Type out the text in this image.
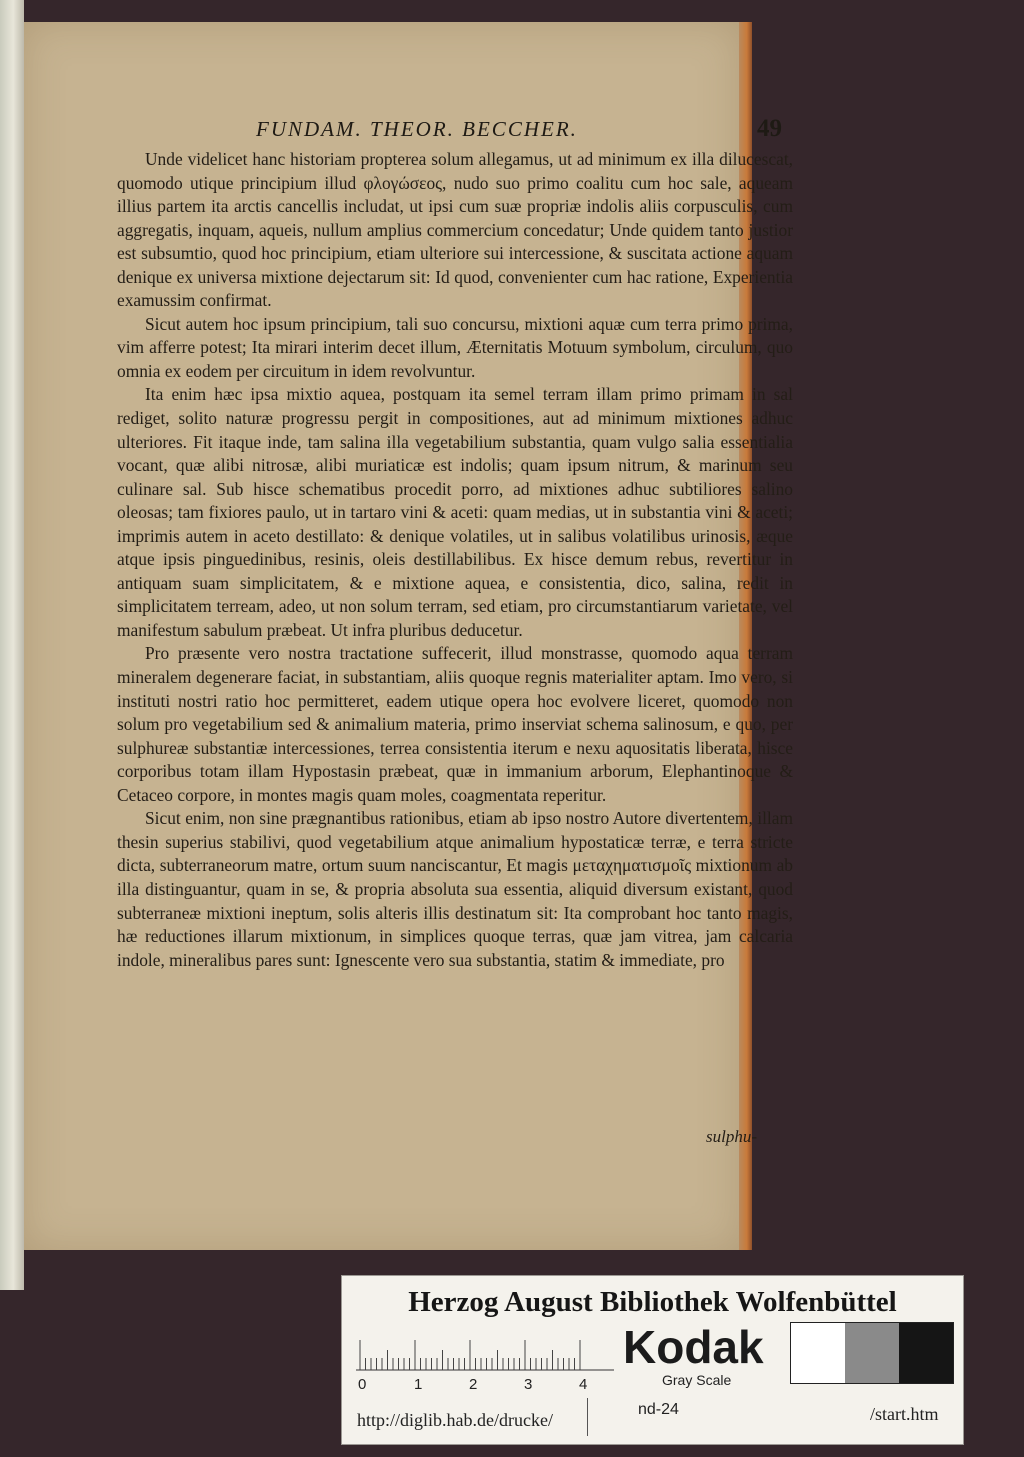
FUNDAM. THEOR. BECCHER.	49

Unde videlicet hanc historiam propterea solum allegamus, ut ad minimum ex illa dilucescat, quomodo utique principium illud φλογώσεος, nudo suo primo coalitu cum hoc sale, aqueam illius partem ita arctis cancellis includat, ut ipsi cum suæ propriæ indolis aliis corpusculis, cum aggregatis, inquam, aqueis, nullum amplius commercium concedatur; Unde quidem tanto justior est subsumtio, quod hoc principium, etiam ulteriore sui intercessione, & suscitata actione aquam denique ex universa mixtione dejectarum sit: Id quod, convenienter cum hac ratione, Experientia examussim confirmat.

Sicut autem hoc ipsum principium, tali suo concursu, mixtioni aquæ cum terra primo prima, vim afferre potest; Ita mirari interim decet illum, Æternitatis Motuum symbolum, circulum, quo omnia ex eodem per circuitum in idem revolvuntur.

Ita enim hæc ipsa mixtio aquea, postquam ita semel terram illam primo primam in sal rediget, solito naturæ progressu pergit in compositiones, aut ad minimum mixtiones adhuc ulteriores. Fit itaque inde, tam salina illa vegetabilium substantia, quam vulgo salia essentialia vocant, quæ alibi nitrosæ, alibi muriaticæ est indolis; quam ipsum nitrum, & marinum seu culinare sal. Sub hisce schematibus procedit porro, ad mixtiones adhuc subtiliores salino oleosas; tam fixiores paulo, ut in tartaro vini & aceti: quam medias, ut in substantia vini & aceti; imprimis autem in aceto destillato: & denique volatiles, ut in salibus volatilibus urinosis, æque atque ipsis pinguedinibus, resinis, oleis destillabilibus. Ex hisce demum rebus, revertitur in antiquam suam simplicitatem, & e mixtione aquea, e consistentia, dico, salina, redit in simplicitatem terream, adeo, ut non solum terram, sed etiam, pro circumstantiarum varietate, vel manifestum sabulum præbeat. Ut infra pluribus deducetur.

Pro præsente vero nostra tractatione suffecerit, illud monstrasse, quomodo aqua terram mineralem degenerare faciat, in substantiam, aliis quoque regnis materialiter aptam. Imo vero, si instituti nostri ratio hoc permitteret, eadem utique opera hoc evolvere liceret, quomodo non solum pro vegetabilium sed & animalium materia, primo inserviat schema salinosum, e quo, per sulphureæ substantiæ intercessiones, terrea consistentia iterum e nexu aquositatis liberata, hisce corporibus totam illam Hypostasin præbeat, quæ in immanium arborum, Elephantinoque & Cetaceo corpore, in montes magis quam moles, coagmentata reperitur.

Sicut enim, non sine prægnantibus rationibus, etiam ab ipso nostro Autore divertentem, illam thesin superius stabilivi, quod vegetabilium atque animalium hypostaticæ terræ, e terra stricte dicta, subterraneorum matre, ortum suum nanciscantur, Et magis μεταχηματισμοῖς mixtionum ab illa distinguantur, quam in se, & propria absoluta sua essentia, aliquid diversum existant, quod subterraneæ mixtioni ineptum, solis alteris illis destinatum sit: Ita comprobant hoc tanto magis, hæ reductiones illarum mixtionum, in simplices quoque terras, quæ jam vitrea, jam calcaria indole, mineralibus pares sunt: Ignescente vero sua substantia, statim & immediate, pro

sulphu-
Herzog August Bibliothek Wolfenbüttel
0	1	2	3	4
Kodak
Gray Scale
http://diglib.hab.de/drucke/
nd-24	/start.htm
